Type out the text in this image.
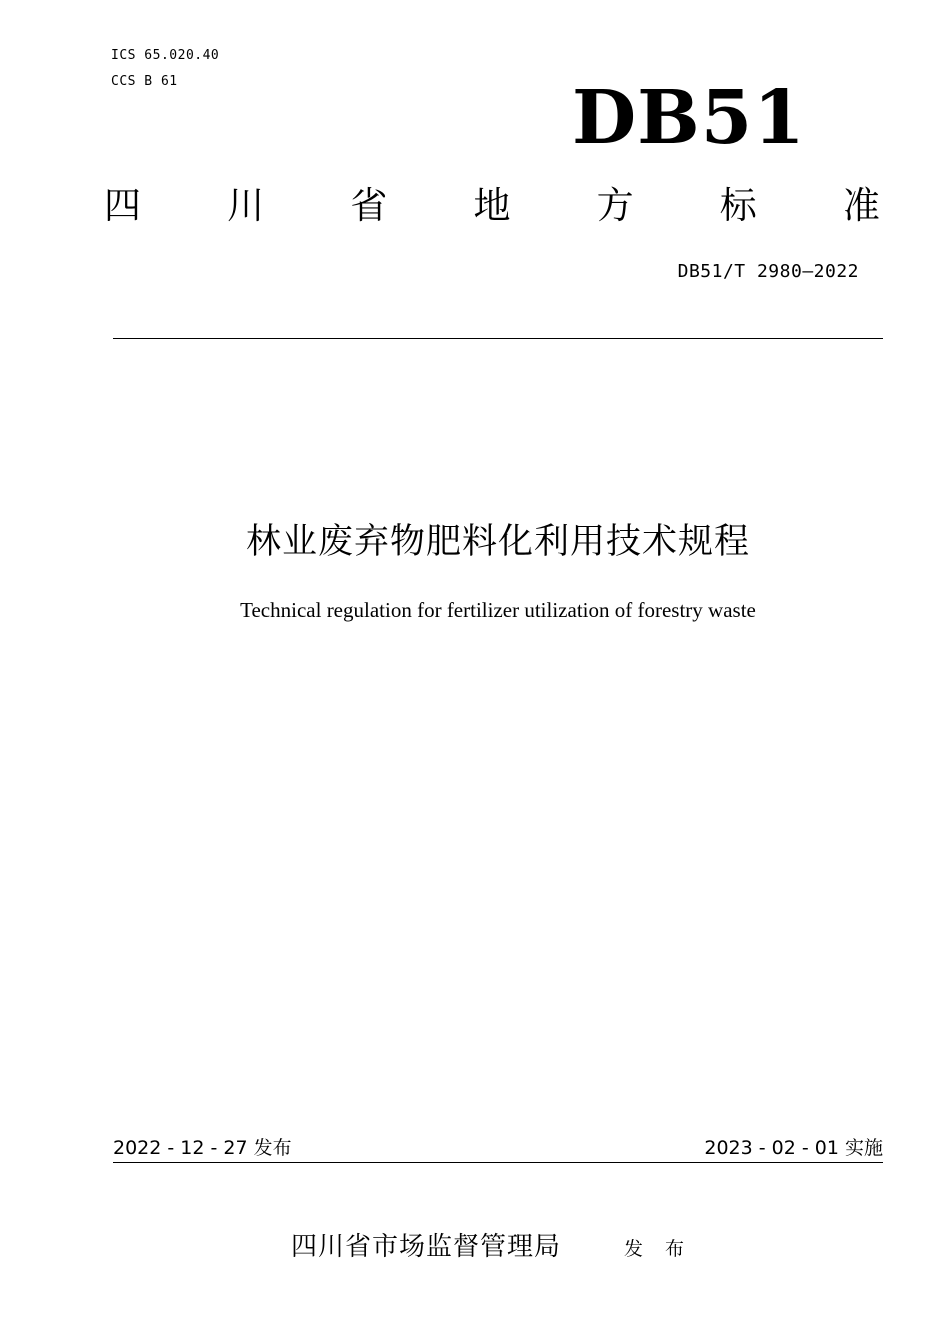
ICS 65.020.40
CCS B 61	DB51
四 川 省 地 方 标 准
DB51/T 2980—2022
林业废弃物肥料化利用技术规程
Technical regulation for fertilizer utilization of forestry waste
2022 - 12 - 27 发布	2023 - 02 - 01 实施
四川省市场监督管理局	发 布
